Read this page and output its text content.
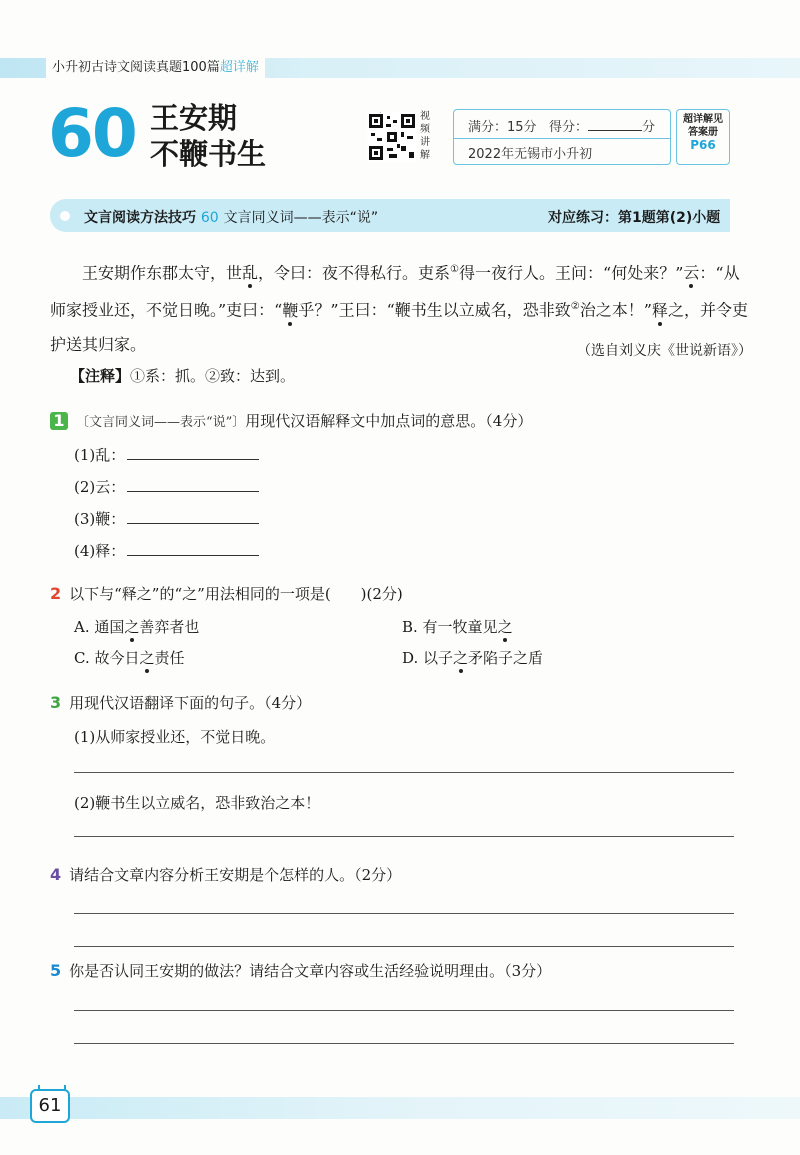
小升初古诗文阅读真题100篇超详解
60 王安期
不鞭书生
视
频
讲
解
满分：15分 得分：	分
2022年无锡市小升初
超详解见
答案册
P66
文言阅读方法技巧 60 文言同义词——表示“说”	对应练习：第1题第(2)小题
王安期作东郡太守，世乱，令曰：夜不得私行。吏系①得一夜行人。王问：“何处来？”云：“从师家授业还，不觉日晚。”吏曰：“鞭乎？”王曰：“鞭书生以立威名，恐非致②治之本！”释之，并令吏护送其归家。	（选自刘义庆《世说新语》）
【注释】①系：抓。②致：达到。
1 〔文言同义词——表示“说”〕用现代汉语解释文中加点词的意思。（4分）
(1)乱：
(2)云：
(3)鞭：
(4)释：
2 以下与“释之”的“之”用法相同的一项是(　　)(2分)
A. 通国之善弈者也	B. 有一牧童见之
C. 故今日之责任	D. 以子之矛陷子之盾
3 用现代汉语翻译下面的句子。（4分）
(1)从师家授业还，不觉日晚。
(2)鞭书生以立威名，恐非致治之本！
4 请结合文章内容分析王安期是个怎样的人。（2分）
5 你是否认同王安期的做法？请结合文章内容或生活经验说明理由。（3分）
61
